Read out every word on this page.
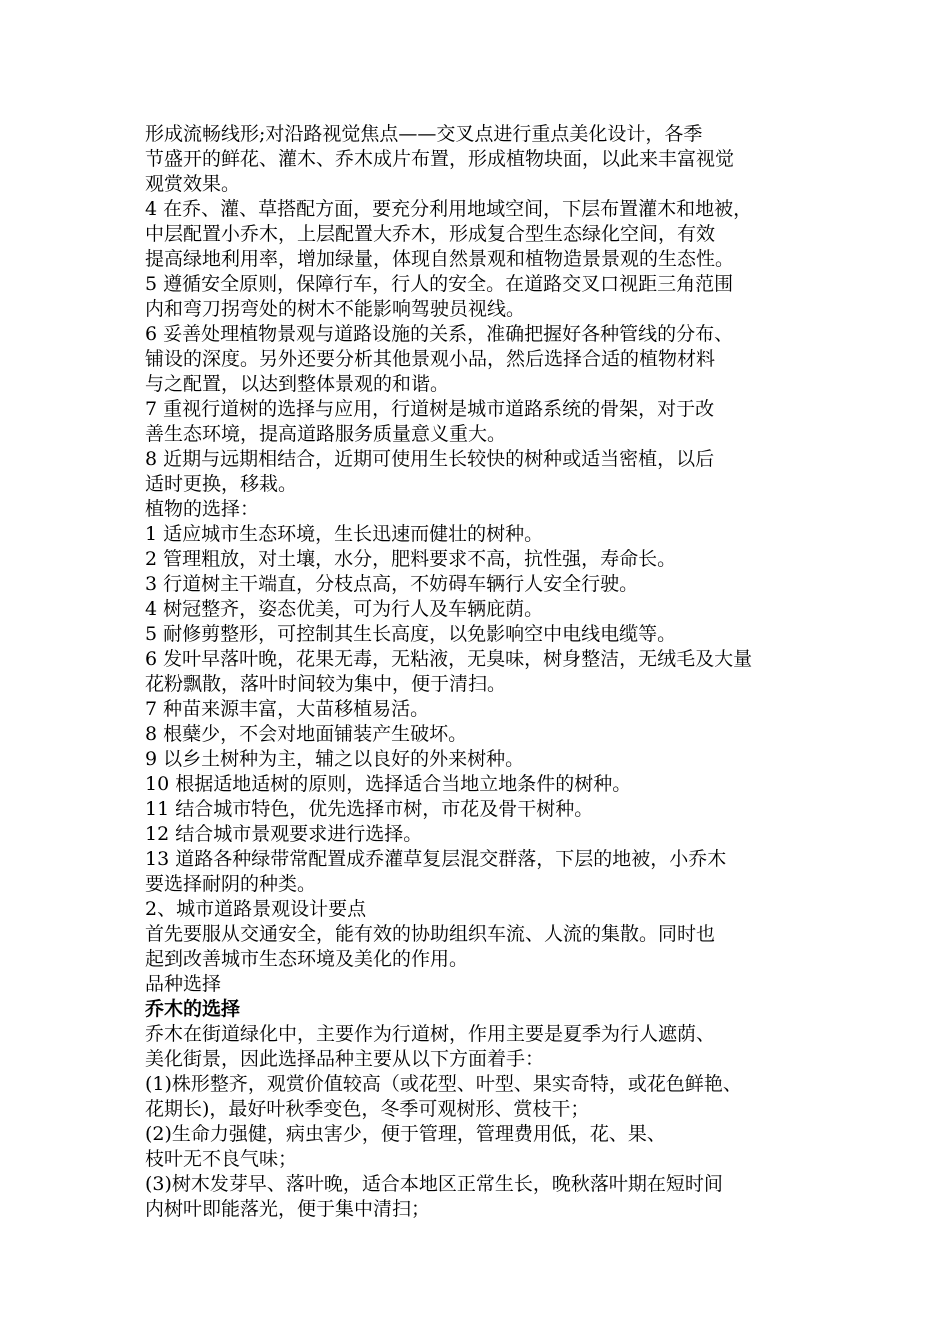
形成流畅线形;对沿路视觉焦点——交叉点进行重点美化设计，各季
节盛开的鲜花、灌木、乔木成片布置，形成植物块面，以此来丰富视觉
观赏效果。
4 在乔、灌、草搭配方面，要充分利用地域空间，下层布置灌木和地被，
中层配置小乔木，上层配置大乔木，形成复合型生态绿化空间，有效
提高绿地利用率，增加绿量，体现自然景观和植物造景景观的生态性。
5 遵循安全原则，保障行车，行人的安全。在道路交叉口视距三角范围
内和弯刀拐弯处的树木不能影响驾驶员视线。
6 妥善处理植物景观与道路设施的关系，准确把握好各种管线的分布、
铺设的深度。另外还要分析其他景观小品，然后选择合适的植物材料
与之配置，以达到整体景观的和谐。
7 重视行道树的选择与应用，行道树是城市道路系统的骨架，对于改
善生态环境，提高道路服务质量意义重大。
8 近期与远期相结合，近期可使用生长较快的树种或适当密植，以后
适时更换，移栽。
植物的选择：
1 适应城市生态环境，生长迅速而健壮的树种。
2 管理粗放，对土壤，水分，肥料要求不高，抗性强，寿命长。
3 行道树主干端直，分枝点高，不妨碍车辆行人安全行驶。
4 树冠整齐，姿态优美，可为行人及车辆庇荫。
5 耐修剪整形，可控制其生长高度，以免影响空中电线电缆等。
6 发叶早落叶晚，花果无毒，无粘液，无臭味，树身整洁，无绒毛及大量
花粉飘散，落叶时间较为集中，便于清扫。
7 种苗来源丰富，大苗移植易活。
8 根蘖少，不会对地面铺装产生破坏。
9 以乡土树种为主，辅之以良好的外来树种。
10 根据适地适树的原则，选择适合当地立地条件的树种。
11 结合城市特色，优先选择市树，市花及骨干树种。
12 结合城市景观要求进行选择。
13 道路各种绿带常配置成乔灌草复层混交群落，下层的地被，小乔木
要选择耐阴的种类。
2、城市道路景观设计要点
首先要服从交通安全，能有效的协助组织车流、人流的集散。同时也
起到改善城市生态环境及美化的作用。
品种选择
乔木的选择
乔木在街道绿化中，主要作为行道树，作用主要是夏季为行人遮荫、
美化街景，因此选择品种主要从以下方面着手：
(1)株形整齐，观赏价值较高（或花型、叶型、果实奇特，或花色鲜艳、
花期长)，最好叶秋季变色，冬季可观树形、赏枝干；
(2)生命力强健，病虫害少，便于管理，管理费用低，花、果、
枝叶无不良气味；
(3)树木发芽早、落叶晚，适合本地区正常生长，晚秋落叶期在短时间
内树叶即能落光，便于集中清扫；
